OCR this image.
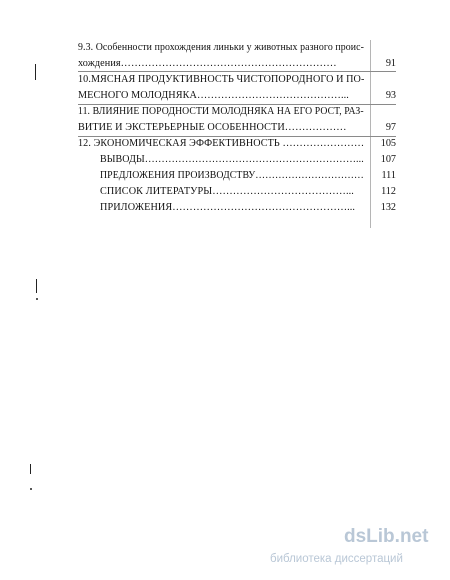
9.3. Особенности прохождения линьки у животных разного проис-
хождения………………………………………………………	91
10.МЯСНАЯ ПРОДУКТИВНОСТЬ ЧИСТОПОРОДНОГО И ПО-
МЕСНОГО МОЛОДНЯКА……………………………………...	93
11. ВЛИЯНИЕ ПОРОДНОСТИ МОЛОДНЯКА НА ЕГО РОСТ, РАЗ-
ВИТИЕ И ЭКСТЕРЬЕРНЫЕ ОСОБЕННОСТИ………………	97
12. ЭКОНОМИЧЕСКАЯ ЭФФЕКТИВНОСТЬ ……………………	105
ВЫВОДЫ………………………………………………………...	107
ПРЕДЛОЖЕНИЯ ПРОИЗВОДСТВУ……………………………	111
СПИСОК ЛИТЕРАТУРЫ…………………………………...	112
ПРИЛОЖЕНИЯ……………………………………………...	132
dsLib.net
библиотека диссертаций
